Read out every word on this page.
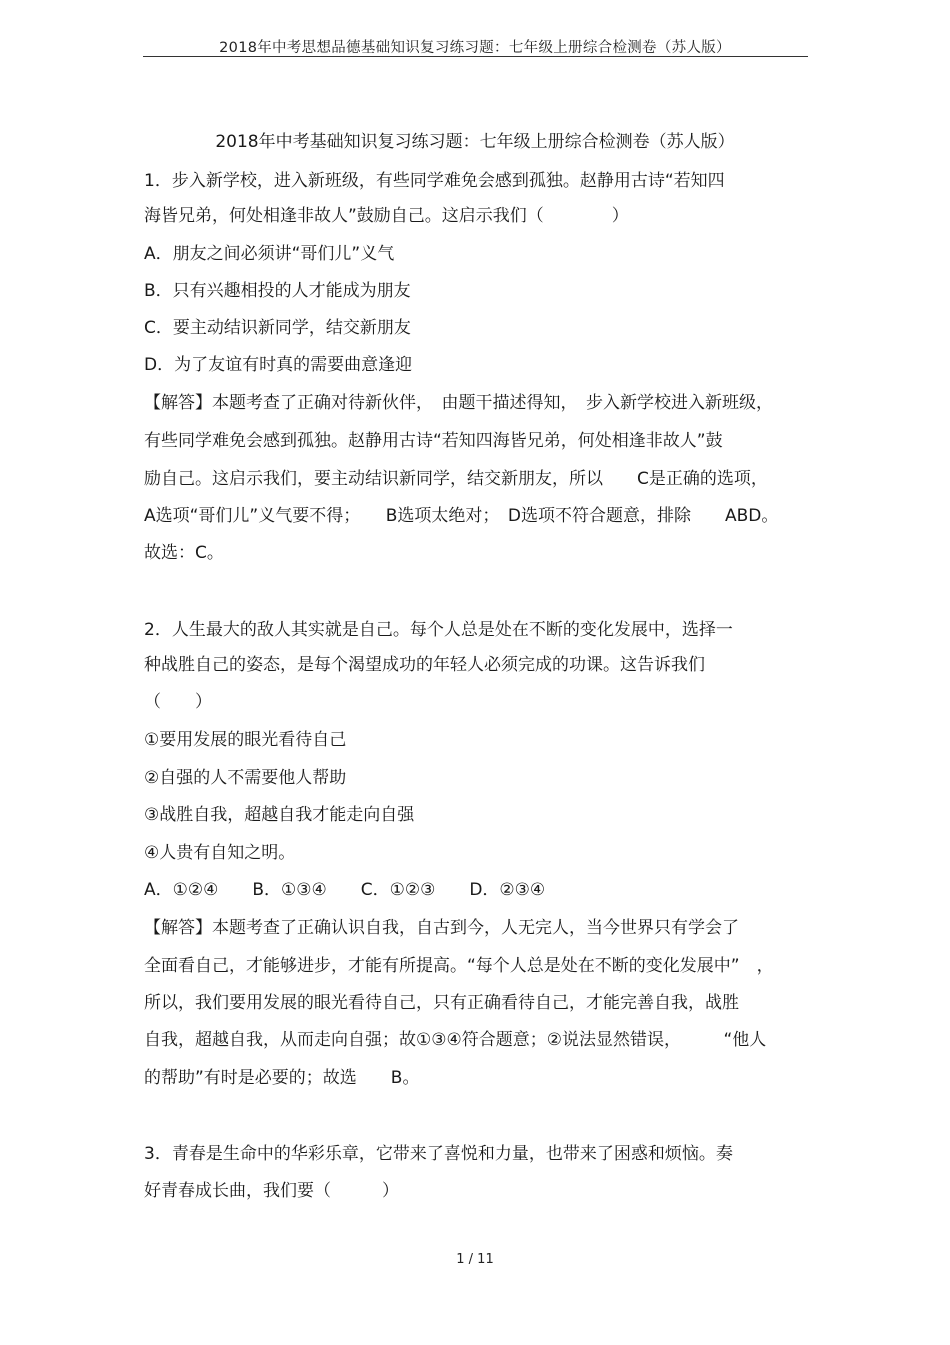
2018年中考思想品德基础知识复习练习题：七年级上册综合检测卷（苏人版）
2018年中考基础知识复习练习题：七年级上册综合检测卷（苏人版）
1．步入新学校，进入新班级，有些同学难免会感到孤独。赵静用古诗“若知四
海皆兄弟，何处相逢非故人”鼓励自己。这启示我们（　　　　）
A．朋友之间必须讲“哥们儿”义气
B．只有兴趣相投的人才能成为朋友
C．要主动结识新同学，结交新朋友
D．为了友谊有时真的需要曲意逢迎
【解答】本题考查了正确对待新伙伴，　由题干描述得知，　步入新学校进入新班级，
有些同学难免会感到孤独。赵静用古诗“若知四海皆兄弟，何处相逢非故人”鼓
励自己。这启示我们，要主动结识新同学，结交新朋友，所以　　C是正确的选项，
A选项“哥们儿”义气要不得；　　B选项太绝对；　D选项不符合题意，排除　　ABD。
故选：C。
2．人生最大的敌人其实就是自己。每个人总是处在不断的变化发展中，选择一
种战胜自己的姿态，是每个渴望成功的年轻人必须完成的功课。这告诉我们
（　　）
①要用发展的眼光看待自己
②自强的人不需要他人帮助
③战胜自我，超越自我才能走向自强
④人贵有自知之明。
A．①②④　　B．①③④　　C．①②③　　D．②③④
【解答】本题考查了正确认识自我，自古到今，人无完人，当今世界只有学会了
全面看自己，才能够进步，才能有所提高。“每个人总是处在不断的变化发展中”　，
所以，我们要用发展的眼光看待自己，只有正确看待自己，才能完善自我，战胜
自我，超越自我，从而走向自强；故①③④符合题意；②说法显然错误，　　　“他人
的帮助”有时是必要的；故选　　B。
3．青春是生命中的华彩乐章，它带来了喜悦和力量，也带来了困惑和烦恼。奏
好青春成长曲，我们要（　　　）
1 / 11
